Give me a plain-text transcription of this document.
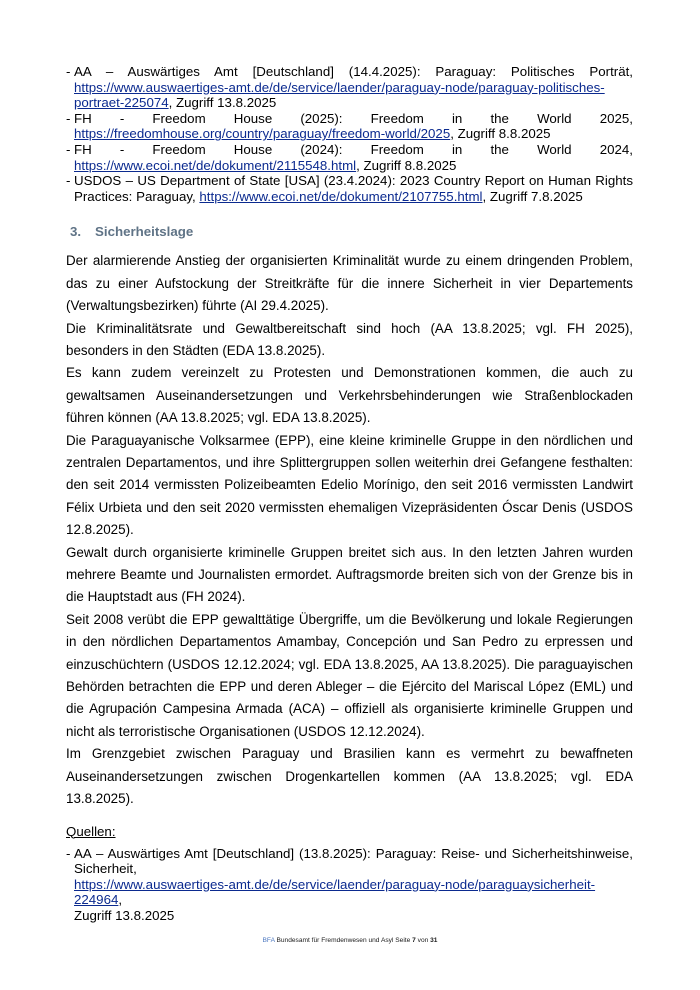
- AA – Auswärtiges Amt [Deutschland] (14.4.2025): Paraguay: Politisches Porträt,
https://www.auswaertiges-amt.de/de/service/laender/paraguay-node/paraguay-politisches-
portraet-225074, Zugriff 13.8.2025
- FH - Freedom House (2025): Freedom in the World 2025,
https://freedomhouse.org/country/paraguay/freedom-world/2025, Zugriff 8.8.2025
- FH - Freedom House (2024): Freedom in the World 2024,
https://www.ecoi.net/de/dokument/2115548.html, Zugriff 8.8.2025
- USDOS – US Department of State [USA] (23.4.2024): 2023 Country Report on Human Rights
Practices: Paraguay, https://www.ecoi.net/de/dokument/2107755.html, Zugriff 7.8.2025
3. Sicherheitslage

Der alarmierende Anstieg der organisierten Kriminalität wurde zu einem dringenden Problem, das zu einer Aufstockung der Streitkräfte für die innere Sicherheit in vier Departements (Verwaltungsbezirken) führte (AI 29.4.2025).

Die Kriminalitätsrate und Gewaltbereitschaft sind hoch (AA 13.8.2025; vgl. FH 2025), besonders in den Städten (EDA 13.8.2025).

Es kann zudem vereinzelt zu Protesten und Demonstrationen kommen, die auch zu gewaltsamen Auseinandersetzungen und Verkehrsbehinderungen wie Straßenblockaden führen können (AA 13.8.2025; vgl. EDA 13.8.2025).

Die Paraguayanische Volksarmee (EPP), eine kleine kriminelle Gruppe in den nördlichen und zentralen Departamentos, und ihre Splittergruppen sollen weiterhin drei Gefangene festhalten: den seit 2014 vermissten Polizeibeamten Edelio Morínigo, den seit 2016 vermissten Landwirt Félix Urbieta und den seit 2020 vermissten ehemaligen Vizepräsidenten Óscar Denis (USDOS 12.8.2025).

Gewalt durch organisierte kriminelle Gruppen breitet sich aus. In den letzten Jahren wurden mehrere Beamte und Journalisten ermordet. Auftragsmorde breiten sich von der Grenze bis in die Hauptstadt aus (FH 2024).

Seit 2008 verübt die EPP gewalttätige Übergriffe, um die Bevölkerung und lokale Regierungen in den nördlichen Departamentos Amambay, Concepción und San Pedro zu erpressen und einzuschüchtern (USDOS 12.12.2024; vgl. EDA 13.8.2025, AA 13.8.2025). Die paraguayischen Behörden betrachten die EPP und deren Ableger – die Ejército del Mariscal López (EML) und die Agrupación Campesina Armada (ACA) – offiziell als organisierte kriminelle Gruppen und nicht als terroristische Organisationen (USDOS 12.12.2024).

Im Grenzgebiet zwischen Paraguay und Brasilien kann es vermehrt zu bewaffneten Auseinandersetzungen zwischen Drogenkartellen kommen (AA 13.8.2025; vgl. EDA 13.8.2025).

Quellen:
- AA – Auswärtiges Amt [Deutschland] (13.8.2025): Paraguay: Reise- und Sicherheitshinweise,
Sicherheit,
https://www.auswaertiges-amt.de/de/service/laender/paraguay-node/paraguaysicherheit-224964,
Zugriff 13.8.2025
BFA Bundesamt für Fremdenwesen und Asyl Seite 7 von 31
